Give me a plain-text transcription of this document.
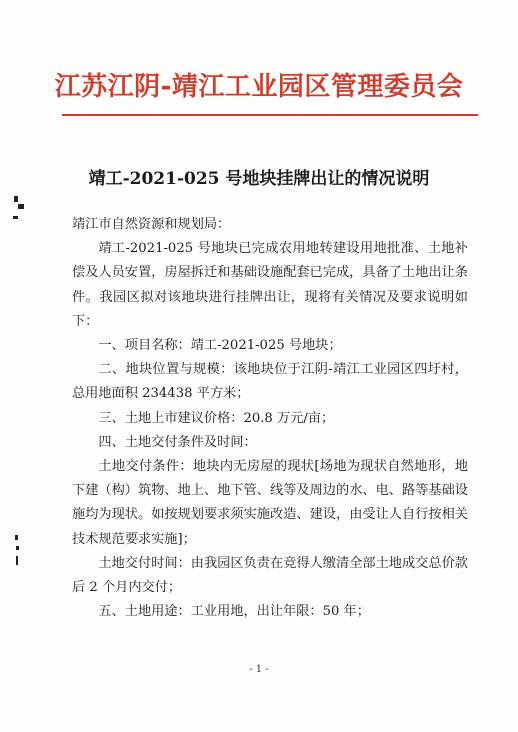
江苏江阴-靖江工业园区管理委员会
靖工-2021-025 号地块挂牌出让的情况说明

靖江市自然资源和规划局：

靖工-2021-025 号地块已完成农用地转建设用地批准、土地补偿及人员安置，房屋拆迁和基础设施配套已完成，具备了土地出让条件。我园区拟对该地块进行挂牌出让，现将有关情况及要求说明如下：

一、项目名称：靖工-2021-025 号地块；

二、地块位置与规模：该地块位于江阴-靖江工业园区四圩村，总用地面积 234438 平方米；

三、土地上市建议价格：20.8 万元/亩；

四、土地交付条件及时间：

土地交付条件：地块内无房屋的现状[场地为现状自然地形，地下建（构）筑物、地上、地下管、线等及周边的水、电、路等基础设施均为现状。如按规划要求须实施改造、建设，由受让人自行按相关技术规范要求实施]；

土地交付时间：由我园区负责在竞得人缴清全部土地成交总价款后 2 个月内交付；

五、土地用途：工业用地，出让年限：50 年；

- 1 -
